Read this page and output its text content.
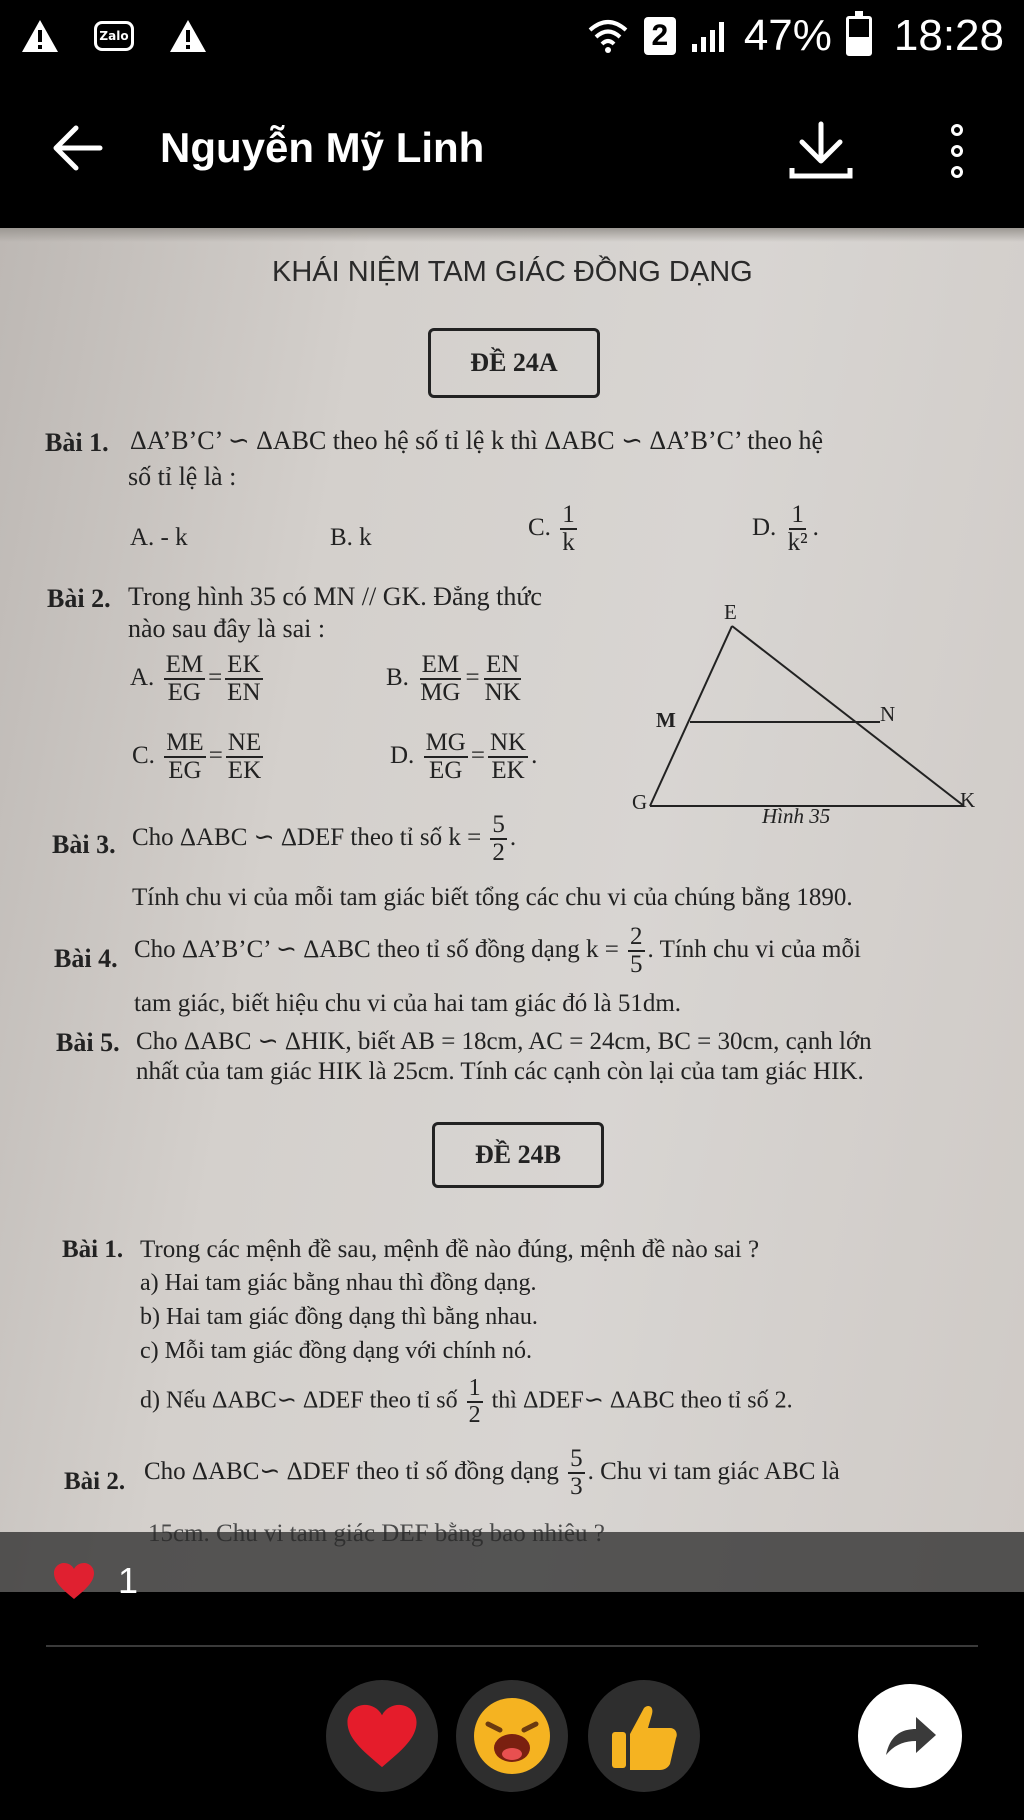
Zalo	2 47% 18:28
Nguyễn Mỹ Linh
KHÁI NIỆM TAM GIÁC ĐỒNG DẠNG
ĐỀ 24A
Bài 1. ΔA’B’C’ ∽ ΔABC theo hệ số tỉ lệ k thì ΔABC ∽ ΔA’B’C’ theo hệ
số tỉ lệ là :
A. - k	B. k	C. $\frac{1}{k}$	D. $\frac{1}{\text{k²}}$ .
Bài 2. Trong hình 35 có MN // GK. Đẳng thức
nào sau đây là sai :
A. $\frac{EM}{EG} = \frac{EK}{EN}$	B. $\frac{EM}{MG} = \frac{EN}{NK}$
C. $\frac{ME}{EG} = \frac{NE}{EK}$	D. $\frac{MG}{EG} = \frac{NK}{EK}$ .
E
M	N
G	K
Hình 35
Bài 3. Cho ΔABC ∽ ΔDEF theo tỉ số $k = \frac{5}{2}$ .
Tính chu vi của mỗi tam giác biết tổng các chu vi của chúng bằng 1890.
Bài 4. Cho ΔA’B’C’ ∽ ΔABC theo tỉ số đồng dạng $k = \frac{2}{5}$ . Tính chu vi của mỗi
tam giác, biết hiệu chu vi của hai tam giác đó là 51dm.
Bài 5. Cho ΔABC ∽ ΔHIK, biết AB = 18cm, AC = 24cm, BC = 30cm, cạnh lớn
nhất của tam giác HIK là 25cm. Tính các cạnh còn lại của tam giác HIK.
ĐỀ 24B
Bài 1. Trong các mệnh đề sau, mệnh đề nào đúng, mệnh đề nào sai ?
a) Hai tam giác bằng nhau thì đồng dạng.
b) Hai tam giác đồng dạng thì bằng nhau.
c) Mỗi tam giác đồng dạng với chính nó.
d) Nếu ΔABC∽ ΔDEF theo tỉ số $\frac{1}{2}$ thì ΔDEF∽ ΔABC theo tỉ số 2.
Bài 2. Cho ΔABC∽ ΔDEF theo tỉ số đồng dạng $\frac{5}{3}$ . Chu vi tam giác ABC là
1
